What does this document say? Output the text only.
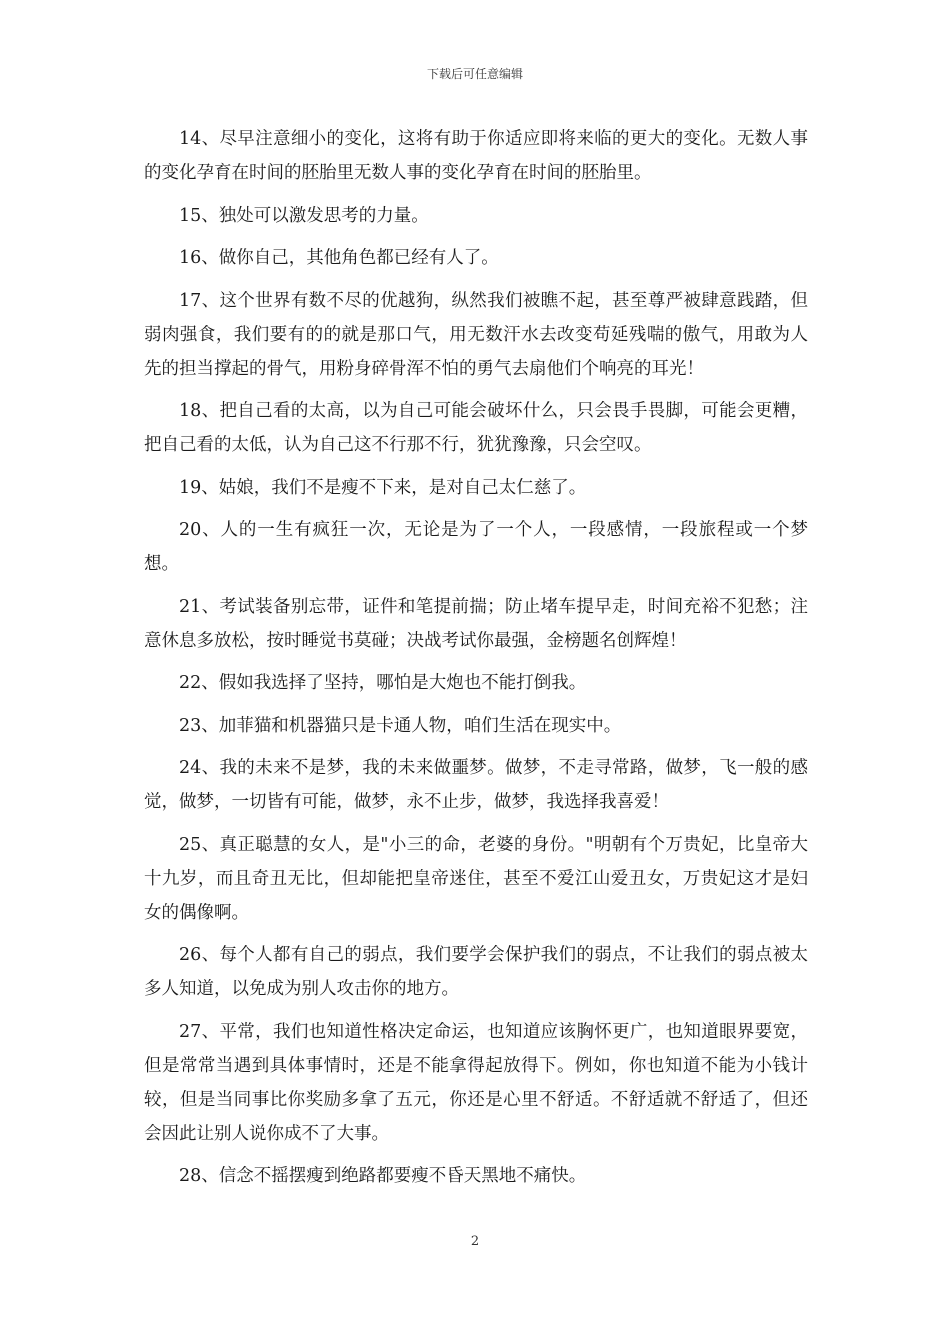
下载后可任意编辑

14、尽早注意细小的变化，这将有助于你适应即将来临的更大的变化。无数人事的变化孕育在时间的胚胎里无数人事的变化孕育在时间的胚胎里。

15、独处可以激发思考的力量。

16、做你自己，其他角色都已经有人了。

17、这个世界有数不尽的优越狗，纵然我们被瞧不起，甚至尊严被肆意践踏，但弱肉强食，我们要有的的就是那口气，用无数汗水去改变苟延残喘的傲气，用敢为人先的担当撑起的骨气，用粉身碎骨浑不怕的勇气去扇他们个响亮的耳光！

18、把自己看的太高，以为自己可能会破坏什么，只会畏手畏脚，可能会更糟，把自己看的太低，认为自己这不行那不行，犹犹豫豫，只会空叹。

19、姑娘，我们不是瘦不下来，是对自己太仁慈了。

20、人的一生有疯狂一次，无论是为了一个人，一段感情，一段旅程或一个梦想。

21、考试装备别忘带，证件和笔提前揣；防止堵车提早走，时间充裕不犯愁；注意休息多放松，按时睡觉书莫碰；决战考试你最强，金榜题名创辉煌！

22、假如我选择了坚持，哪怕是大炮也不能打倒我。

23、加菲猫和机器猫只是卡通人物，咱们生活在现实中。

24、我的未来不是梦，我的未来做噩梦。做梦，不走寻常路，做梦，飞一般的感觉，做梦，一切皆有可能，做梦，永不止步，做梦，我选择我喜爱！

25、真正聪慧的女人，是"小三的命，老婆的身份。"明朝有个万贵妃，比皇帝大十九岁，而且奇丑无比，但却能把皇帝迷住，甚至不爱江山爱丑女，万贵妃这才是妇女的偶像啊。

26、每个人都有自己的弱点，我们要学会保护我们的弱点，不让我们的弱点被太多人知道，以免成为别人攻击你的地方。

27、平常，我们也知道性格决定命运，也知道应该胸怀更广，也知道眼界要宽，但是常常当遇到具体事情时，还是不能拿得起放得下。例如，你也知道不能为小钱计较，但是当同事比你奖励多拿了五元，你还是心里不舒适。不舒适就不舒适了，但还会因此让别人说你成不了大事。

28、信念不摇摆瘦到绝路都要瘦不昏天黑地不痛快。

2
